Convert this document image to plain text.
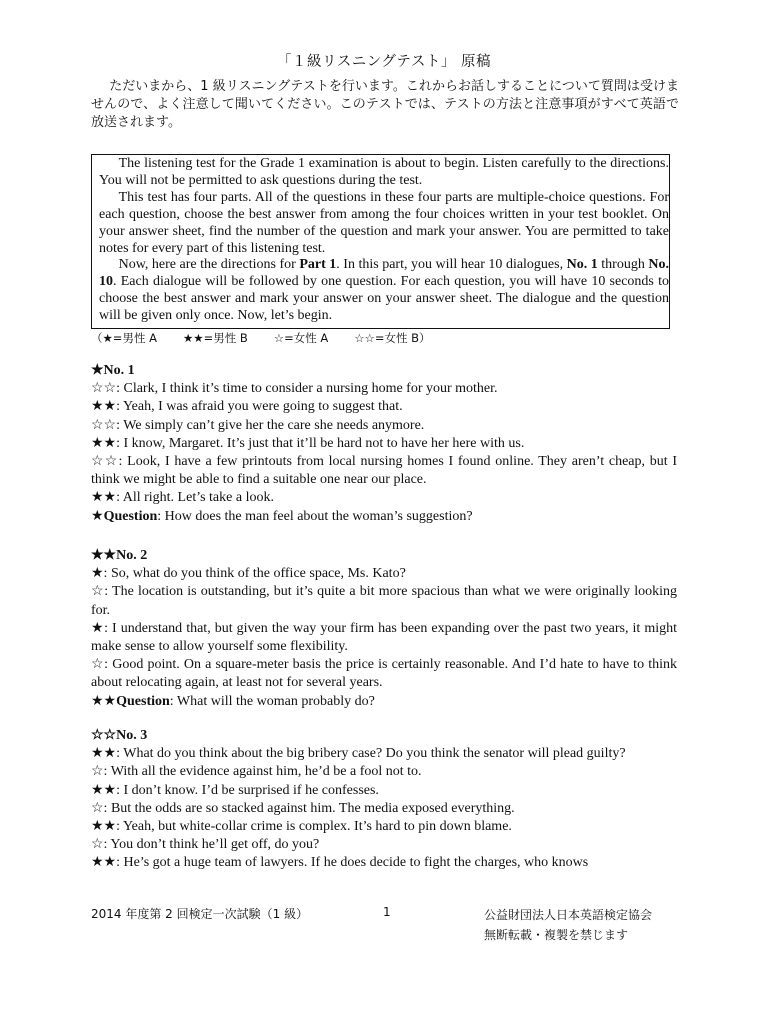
「１級リスニングテスト」 原稿

ただいまから、1 級リスニングテストを行います。これからお話しすることについて質問は受けませんので、よく注意して聞いてください。このテストでは、テストの方法と注意事項がすべて英語で放送されます。

The listening test for the Grade 1 examination is about to begin. Listen carefully to the directions. You will not be permitted to ask questions during the test.

This test has four parts. All of the questions in these four parts are multiple-choice questions. For each question, choose the best answer from among the four choices written in your test booklet. On your answer sheet, find the number of the question and mark your answer. You are permitted to take notes for every part of this listening test.

Now, here are the directions for Part 1. In this part, you will hear 10 dialogues, No. 1 through No. 10. Each dialogue will be followed by one question. For each question, you will have 10 seconds to choose the best answer and mark your answer on your answer sheet. The dialogue and the question will be given only once. Now, let’s begin.

（★=男性 A ★★=男性 B ☆=女性 A ☆☆=女性 B）
★No. 1
☆☆: Clark, I think it’s time to consider a nursing home for your mother.
★★: Yeah, I was afraid you were going to suggest that.
☆☆: We simply can’t give her the care she needs anymore.
★★: I know, Margaret. It’s just that it’ll be hard not to have her here with us.
☆☆: Look, I have a few printouts from local nursing homes I found online. They aren’t cheap, but I think we might be able to find a suitable one near our place.
★★: All right. Let’s take a look.
★Question: How does the man feel about the woman’s suggestion?
★★No. 2
★: So, what do you think of the office space, Ms. Kato?
☆: The location is outstanding, but it’s quite a bit more spacious than what we were originally looking for.
★: I understand that, but given the way your firm has been expanding over the past two years, it might make sense to allow yourself some flexibility.
☆: Good point. On a square-meter basis the price is certainly reasonable. And I’d hate to have to think about relocating again, at least not for several years.
★★Question: What will the woman probably do?
☆☆No. 3
★★: What do you think about the big bribery case? Do you think the senator will plead guilty?
☆: With all the evidence against him, he’d be a fool not to.
★★: I don’t know. I’d be surprised if he confesses.
☆: But the odds are so stacked against him. The media exposed everything.
★★: Yeah, but white-collar crime is complex. It’s hard to pin down blame.
☆: You don’t think he’ll get off, do you?
★★: He’s got a huge team of lawyers. If he does decide to fight the charges, who knows
2014 年度第 2 回検定一次試験（1 級）	1	公益財団法人日本英語検定協会
無断転載・複製を禁じます
